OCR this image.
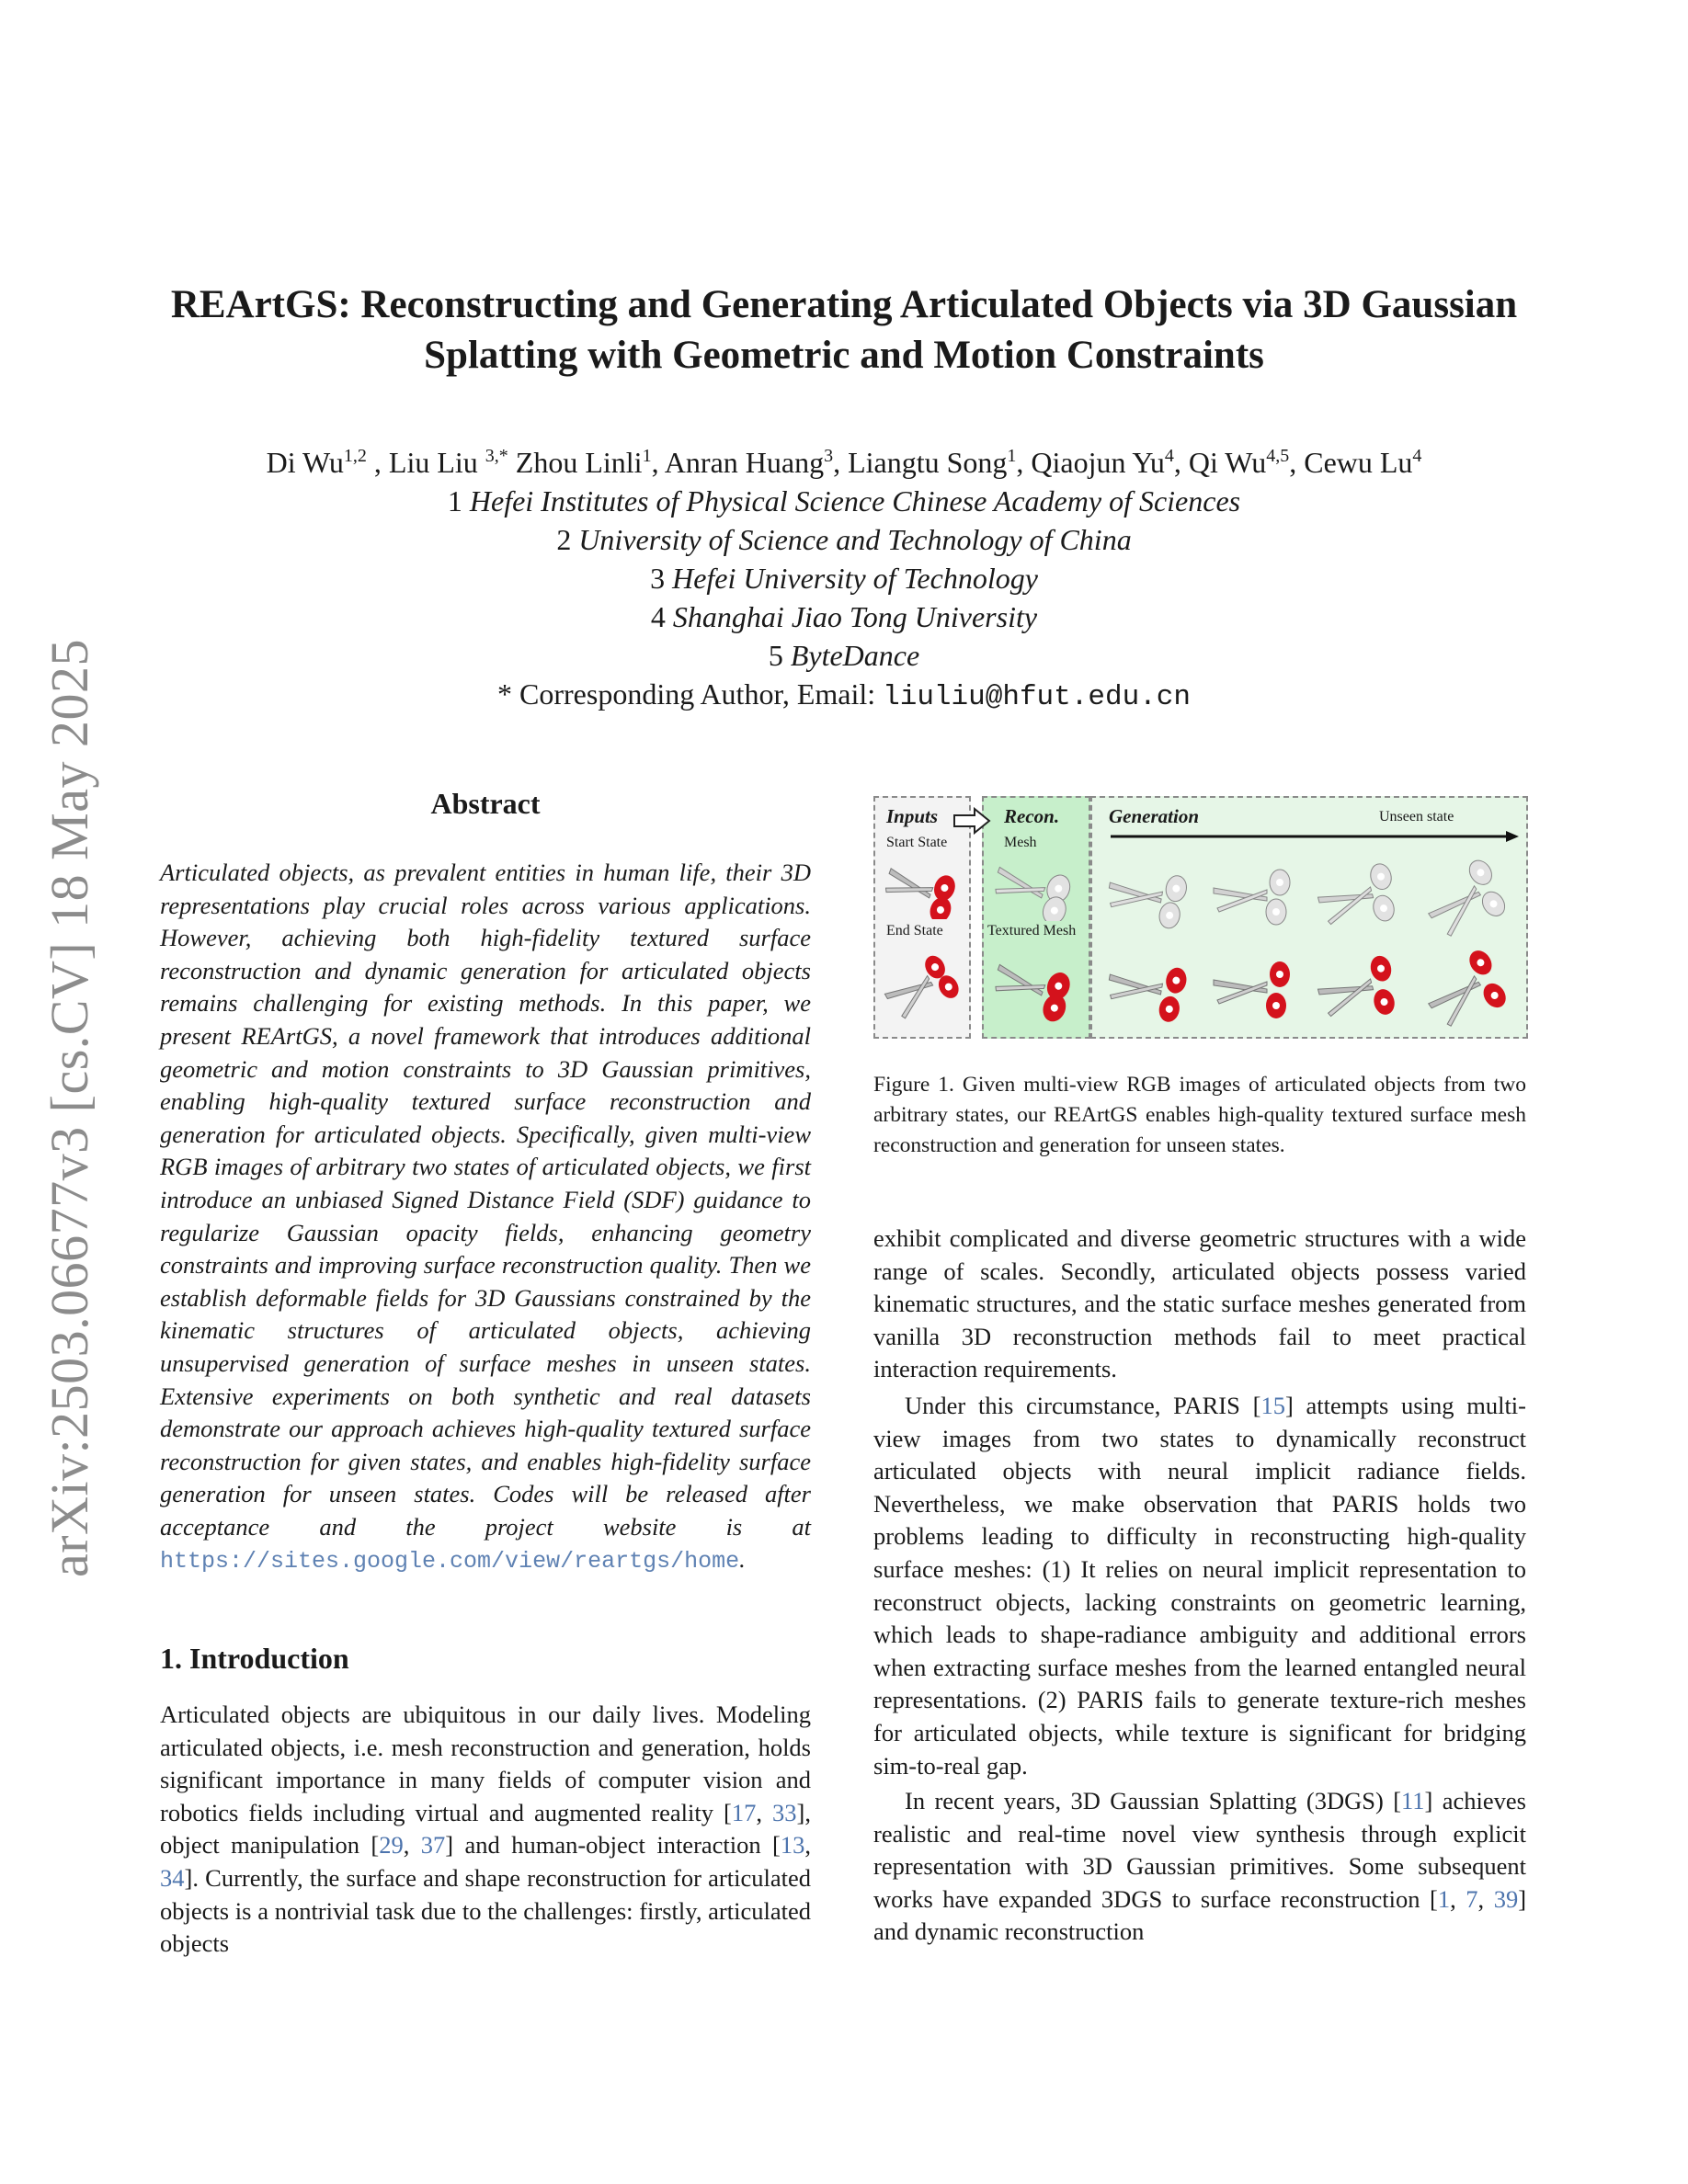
arXiv:2503.06677v3 [cs.CV] 18 May 2025
REArtGS: Reconstructing and Generating Articulated Objects via 3D Gaussian
Splatting with Geometric and Motion Constraints
Di Wu$^{1,2}$ , Liu Liu $^{3,*}$ Zhou Linli$^1$, Anran Huang$^3$, Liangtu Song$^1$, Qiaojun Yu$^4$, Qi Wu$^{4,5}$, Cewu Lu$^4$
1 Hefei Institutes of Physical Science Chinese Academy of Sciences
2 University of Science and Technology of China
3 Hefei University of Technology
4 Shanghai Jiao Tong University
5 ByteDance
* Corresponding Author, Email: liuliu@hfut.edu.cn
Abstract
Articulated objects, as prevalent entities in human life, their 3D representations play crucial roles across various applications. However, achieving both high-fidelity textured surface reconstruction and dynamic generation for articulated objects remains challenging for existing methods. In this paper, we present REArtGS, a novel framework that introduces additional geometric and motion constraints to 3D Gaussian primitives, enabling high-quality textured surface reconstruction and generation for articulated objects. Specifically, given multi-view RGB images of arbitrary two states of articulated objects, we first introduce an unbiased Signed Distance Field (SDF) guidance to regularize Gaussian opacity fields, enhancing geometry constraints and improving surface reconstruction quality. Then we establish deformable fields for 3D Gaussians constrained by the kinematic structures of articulated objects, achieving unsupervised generation of surface meshes in unseen states. Extensive experiments on both synthetic and real datasets demonstrate our approach achieves high-quality textured surface reconstruction for given states, and enables high-fidelity surface generation for unseen states. Codes will be released after acceptance and the project website is at https://sites.google.com/view/reartgs/home.
1. Introduction
Articulated objects are ubiquitous in our daily lives. Modeling articulated objects, i.e. mesh reconstruction and generation, holds significant importance in many fields of computer vision and robotics fields including virtual and augmented reality [17, 33], object manipulation [29, 37] and human-object interaction [13, 34]. Currently, the surface and shape reconstruction for articulated objects is a nontrivial task due to the challenges: firstly, articulated objects
Inputs
Start State
End State
Recon.
Mesh
Textured Mesh
Generation	Unseen state
Figure 1. Given multi-view RGB images of articulated objects from two arbitrary states, our REArtGS enables high-quality textured surface mesh reconstruction and generation for unseen states.
exhibit complicated and diverse geometric structures with a wide range of scales. Secondly, articulated objects possess varied kinematic structures, and the static surface meshes generated from vanilla 3D reconstruction methods fail to meet practical interaction requirements.
Under this circumstance, PARIS [15] attempts using multi-view images from two states to dynamically reconstruct articulated objects with neural implicit radiance fields. Nevertheless, we make observation that PARIS holds two problems leading to difficulty in reconstructing high-quality surface meshes: (1) It relies on neural implicit representation to reconstruct objects, lacking constraints on geometric learning, which leads to shape-radiance ambiguity and additional errors when extracting surface meshes from the learned entangled neural representations. (2) PARIS fails to generate texture-rich meshes for articulated objects, while texture is significant for bridging sim-to-real gap.
In recent years, 3D Gaussian Splatting (3DGS) [11] achieves realistic and real-time novel view synthesis through explicit representation with 3D Gaussian primitives. Some subsequent works have expanded 3DGS to surface reconstruction [1, 7, 39] and dynamic reconstruction
